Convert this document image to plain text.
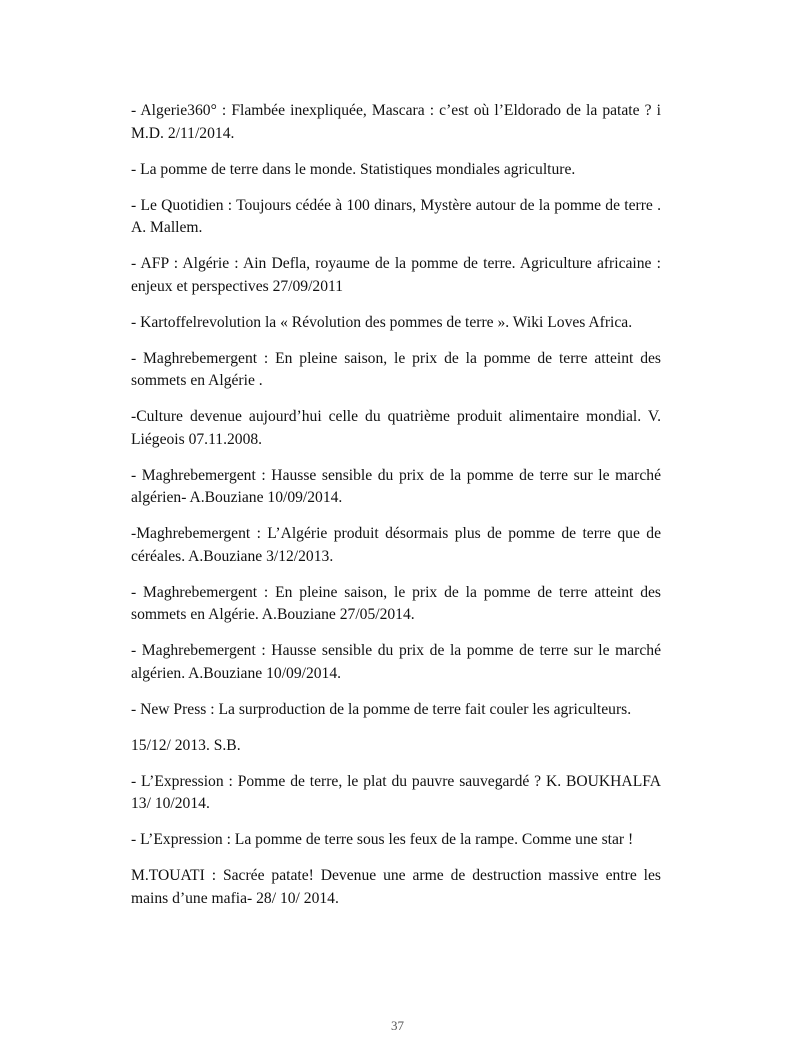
- Algerie360° : Flambée inexpliquée, Mascara : c’est où l’Eldorado de la patate ? i M.D. 2/11/2014.
- La pomme de terre dans le monde. Statistiques mondiales agriculture.
- Le Quotidien : Toujours cédée à 100 dinars, Mystère autour de la pomme de terre . A. Mallem.
- AFP : Algérie : Ain Defla, royaume de la pomme de terre. Agriculture africaine : enjeux et perspectives 27/09/2011
- Kartoffelrevolution la « Révolution des pommes de terre ». Wiki Loves Africa.
- Maghrebemergent : En pleine saison, le prix de la pomme de terre atteint des sommets en Algérie .
-Culture devenue aujourd’hui celle du quatrième produit alimentaire mondial. V. Liégeois 07.11.2008.
- Maghrebemergent : Hausse sensible du prix de la pomme de terre sur le marché algérien- A.Bouziane 10/09/2014.
-Maghrebemergent : L’Algérie produit désormais plus de pomme de terre que de céréales. A.Bouziane 3/12/2013.
- Maghrebemergent : En pleine saison, le prix de la pomme de terre atteint des sommets en Algérie. A.Bouziane 27/05/2014.
- Maghrebemergent : Hausse sensible du prix de la pomme de terre sur le marché algérien. A.Bouziane 10/09/2014.
- New Press : La surproduction de la pomme de terre fait couler les agriculteurs.
15/12/ 2013. S.B.
- L’Expression : Pomme de terre, le plat du pauvre sauvegardé ? K. BOUKHALFA 13/ 10/2014.
- L’Expression : La pomme de terre sous les feux de la rampe. Comme une star !
M.TOUATI : Sacrée patate! Devenue une arme de destruction massive entre les mains d’une mafia- 28/ 10/ 2014.
37
